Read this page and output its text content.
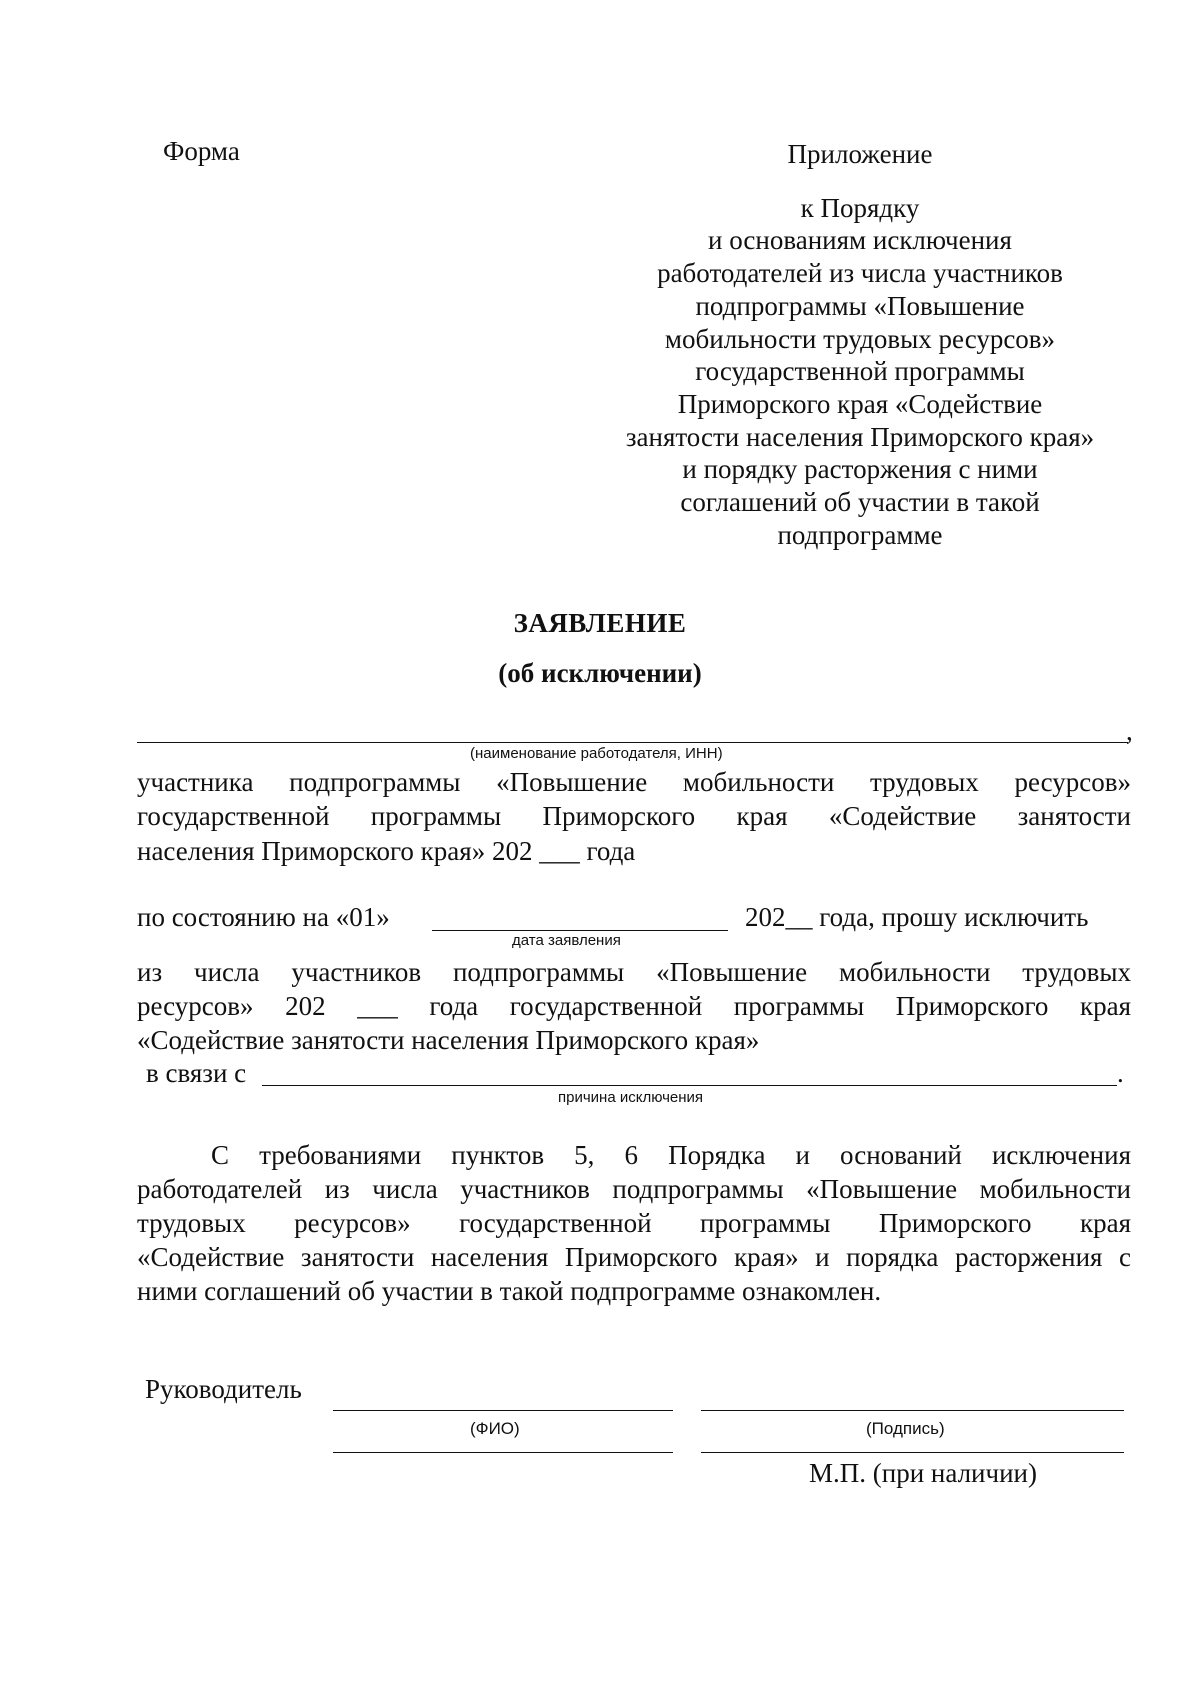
Форма	Приложение
к Порядку
и основаниям исключения
работодателей из числа участников
подпрограммы «Повышение
мобильности трудовых ресурсов»
государственной программы
Приморского края «Содействие
занятости населения Приморского края»
и порядку расторжения с ними
соглашений об участии в такой
подпрограмме
ЗАЯВЛЕНИЕ
(об исключении)
,
(наименование работодателя, ИНН)
участника подпрограммы «Повышение мобильности трудовых ресурсов»
государственной программы Приморского края «Содействие занятости
населения Приморского края» 202 ___ года
по состоянию на «01»	202__ года, прошу исключить
дата заявления
из числа участников подпрограммы «Повышение мобильности трудовых
ресурсов» 202 ___ года государственной программы Приморского края
«Содействие занятости населения Приморского края»
в связи с	.
причина исключения
С требованиями пунктов 5, 6 Порядка и оснований исключения
работодателей из числа участников подпрограммы «Повышение мобильности
трудовых ресурсов» государственной программы Приморского края
«Содействие занятости населения Приморского края» и порядка расторжения с
ними соглашений об участии в такой подпрограмме ознакомлен.
Руководитель
(ФИО)	(Подпись)
М.П. (при наличии)
